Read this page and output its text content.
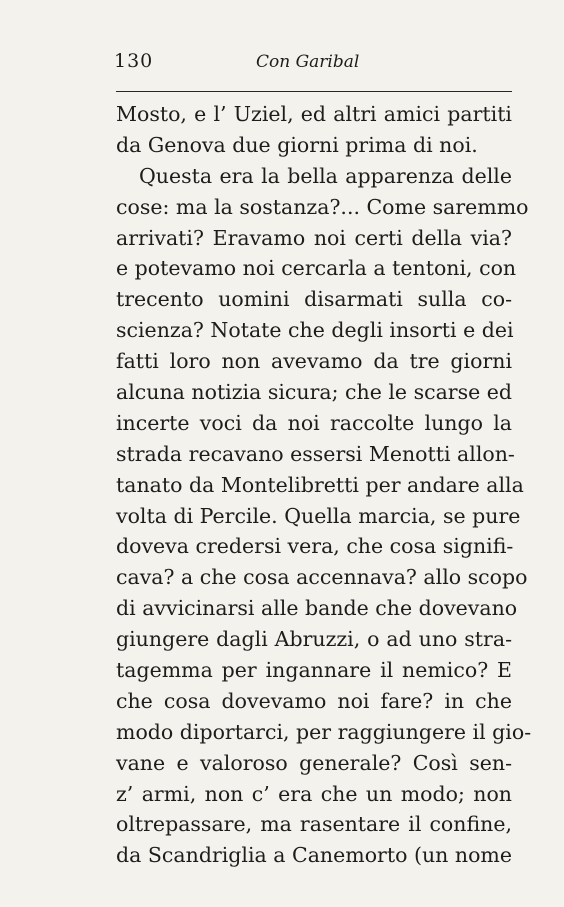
130	Con Garibal
Mosto, e l’ Uziel, ed altri amici partiti
da Genova due giorni prima di noi.
Questa era la bella apparenza delle
cose: ma la sostanza?... Come saremmo
arrivati? Eravamo noi certi della via?
e potevamo noi cercarla a tentoni, con
trecento uomini disarmati sulla co-
scienza? Notate che degli insorti e dei
fatti loro non avevamo da tre giorni
alcuna notizia sicura; che le scarse ed
incerte voci da noi raccolte lungo la
strada recavano essersi Menotti allon-
tanato da Montelibretti per andare alla
volta di Percile. Quella marcia, se pure
doveva credersi vera, che cosa signifi-
cava? a che cosa accennava? allo scopo
di avvicinarsi alle bande che dovevano
giungere dagli Abruzzi, o ad uno stra-
tagemma per ingannare il nemico? E
che cosa dovevamo noi fare? in che
modo diportarci, per raggiungere il gio-
vane e valoroso generale? Così sen-
z’ armi, non c’ era che un modo; non
oltrepassare, ma rasentare il confine,
da Scandriglia a Canemorto (un nome
